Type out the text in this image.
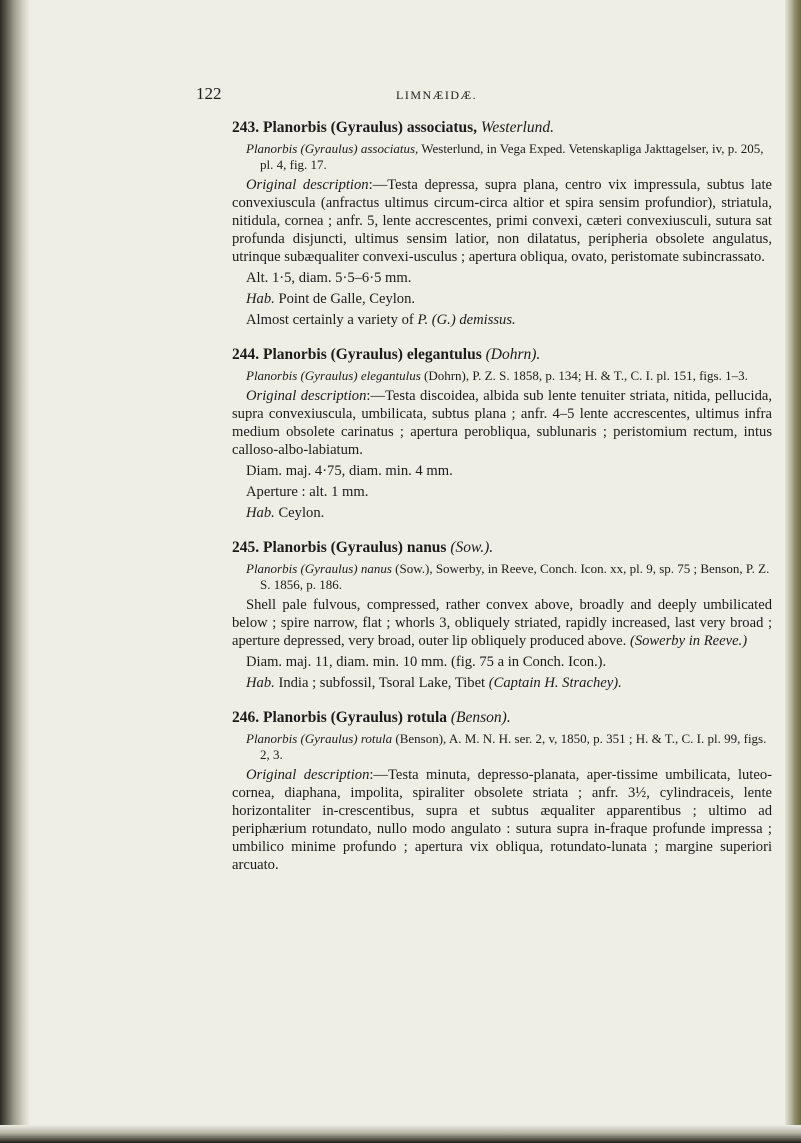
122	LIMNÆIDÆ.
243. Planorbis (Gyraulus) associatus, Westerlund.
Planorbis (Gyraulus) associatus, Westerlund, in Vega Exped. Vetenskapliga Jakttagelser, iv, p. 205, pl. 4, fig. 17.

Original description:—Testa depressa, supra plana, centro vix impressula, subtus late convexiuscula (anfractus ultimus circum-circa altior et spira sensim profundior), striatula, nitidula, cornea ; anfr. 5, lente accrescentes, primi convexi, cæteri convexiusculi, sutura sat profunda disjuncti, ultimus sensim latior, non dilatatus, peripheria obsolete angulatus, utrinque subæqualiter convexi-usculus ; apertura obliqua, ovato, peristomate subincrassato.

Alt. 1·5, diam. 5·5–6·5 mm.

Hab. Point de Galle, Ceylon.

Almost certainly a variety of P. (G.) demissus.

244. Planorbis (Gyraulus) elegantulus (Dohrn).
Planorbis (Gyraulus) elegantulus (Dohrn), P. Z. S. 1858, p. 134; H. & T., C. I. pl. 151, figs. 1–3.

Original description:—Testa discoidea, albida sub lente tenuiter striata, nitida, pellucida, supra convexiuscula, umbilicata, subtus plana ; anfr. 4–5 lente accrescentes, ultimus infra medium obsolete carinatus ; apertura perobliqua, sublunaris ; peristomium rectum, intus calloso-albo-labiatum.

Diam. maj. 4·75, diam. min. 4 mm.

Aperture : alt. 1 mm.

Hab. Ceylon.

245. Planorbis (Gyraulus) nanus (Sow.).
Planorbis (Gyraulus) nanus (Sow.), Sowerby, in Reeve, Conch. Icon. xx, pl. 9, sp. 75 ; Benson, P. Z. S. 1856, p. 186.

Shell pale fulvous, compressed, rather convex above, broadly and deeply umbilicated below ; spire narrow, flat ; whorls 3, obliquely striated, rapidly increased, last very broad ; aperture depressed, very broad, outer lip obliquely produced above. (Sowerby in Reeve.)

Diam. maj. 11, diam. min. 10 mm. (fig. 75 a in Conch. Icon.).

Hab. India ; subfossil, Tsoral Lake, Tibet (Captain H. Strachey).

246. Planorbis (Gyraulus) rotula (Benson).
Planorbis (Gyraulus) rotula (Benson), A. M. N. H. ser. 2, v, 1850, p. 351 ; H. & T., C. I. pl. 99, figs. 2, 3.

Original description:—Testa minuta, depresso-planata, aper-tissime umbilicata, luteo-cornea, diaphana, impolita, spiraliter obsolete striata ; anfr. 3½, cylindraceis, lente horizontaliter in-crescentibus, supra et subtus æqualiter apparentibus ; ultimo ad periphærium rotundato, nullo modo angulato : sutura supra in-fraque profunde impressa ; umbilico minime profundo ; apertura vix obliqua, rotundato-lunata ; margine superiori arcuato.
